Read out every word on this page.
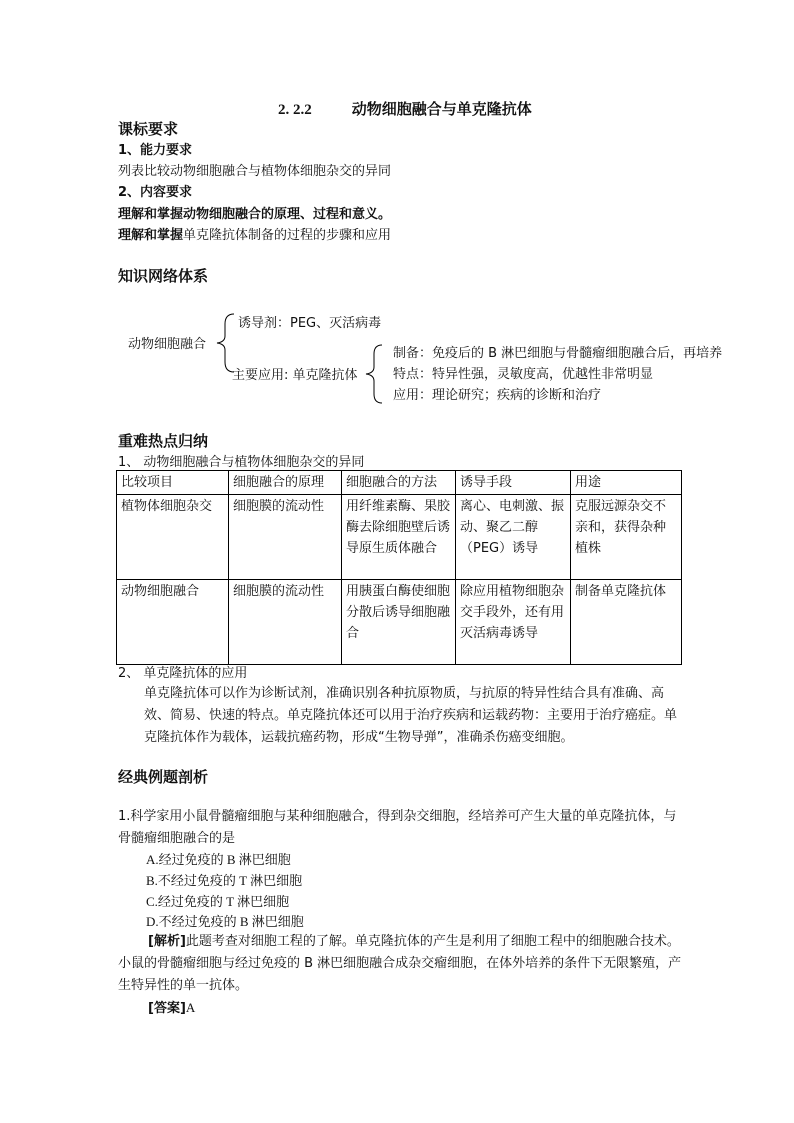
2. 2.2	动物细胞融合与单克隆抗体
课标要求
1、能力要求
列表比较动物细胞融合与植物体细胞杂交的异同
2、内容要求
理解和掌握动物细胞融合的原理、过程和意义。
理解和掌握单克隆抗体制备的过程的步骤和应用
知识网络体系
动物细胞融合
诱导剂：PEG、灭活病毒
主要应用: 单克隆抗体
制备：免疫后的 B 淋巴细胞与骨髓瘤细胞融合后，再培养
特点：特异性强，灵敏度高，优越性非常明显
应用：理论研究；疾病的诊断和治疗
重难热点归纳
1、 动物细胞融合与植物体细胞杂交的异同
比较项目	细胞融合的原理	细胞融合的方法	诱导手段	用途
植物体细胞杂交	细胞膜的流动性	用纤维素酶、果胶酶去除细胞壁后诱导原生质体融合	离心、电刺激、振动、聚乙二醇（PEG）诱导	克服远源杂交不亲和，获得杂种植株
动物细胞融合	细胞膜的流动性	用胰蛋白酶使细胞分散后诱导细胞融合	除应用植物细胞杂交手段外，还有用灭活病毒诱导	制备单克隆抗体
2、 单克隆抗体的应用
单克隆抗体可以作为诊断试剂，准确识别各种抗原物质，与抗原的特异性结合具有准确、高效、简易、快速的特点。单克隆抗体还可以用于治疗疾病和运载药物：主要用于治疗癌症。单克隆抗体作为载体，运载抗癌药物，形成“生物导弹”，准确杀伤癌变细胞。
经典例题剖析
1.科学家用小鼠骨髓瘤细胞与某种细胞融合，得到杂交细胞，经培养可产生大量的单克隆抗体，与骨髓瘤细胞融合的是
A.经过免疫的 B 淋巴细胞
B.不经过免疫的 T 淋巴细胞
C.经过免疫的 T 淋巴细胞
D.不经过免疫的 B 淋巴细胞
[解析]此题考查对细胞工程的了解。单克隆抗体的产生是利用了细胞工程中的细胞融合技术。小鼠的骨髓瘤细胞与经过免疫的 B 淋巴细胞融合成杂交瘤细胞，在体外培养的条件下无限繁殖，产生特异性的单一抗体。
[答案]A
